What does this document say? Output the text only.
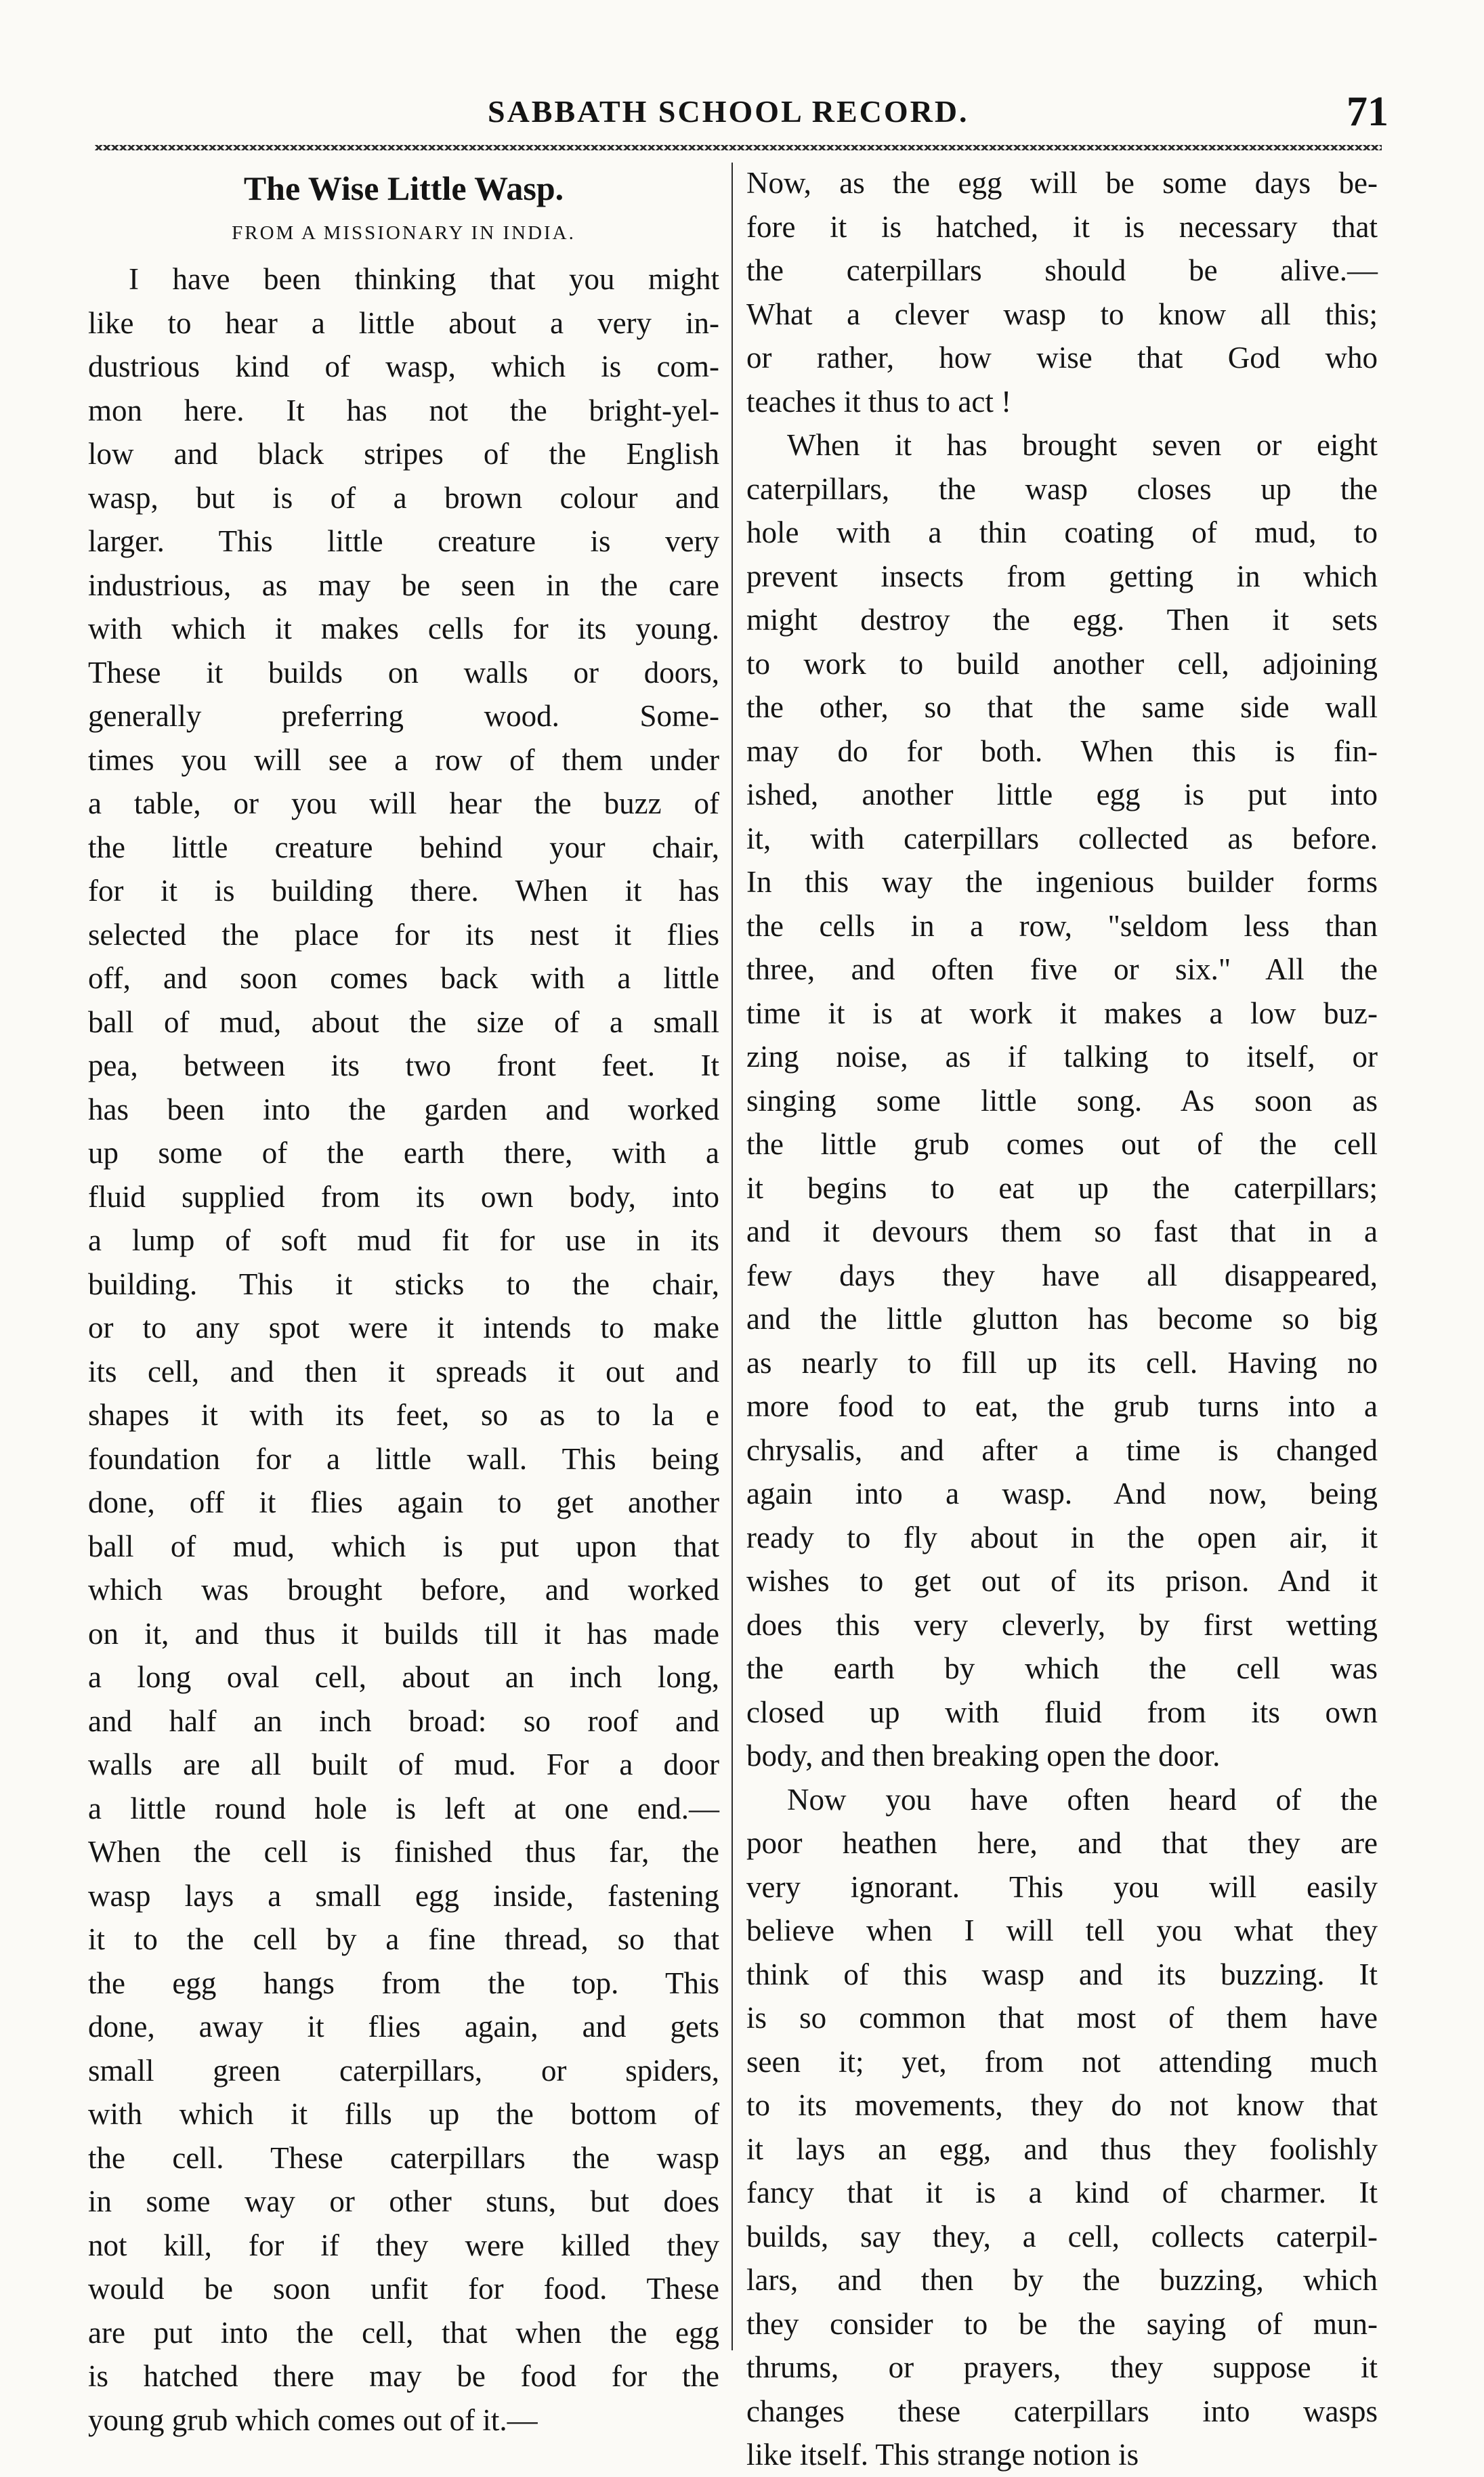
SABBATH SCHOOL RECORD.	71
The Wise Little Wasp.
FROM A MISSIONARY IN INDIA.

I have been thinking that you might
like to hear a little about a very in-
dustrious kind of wasp, which is com-
mon here. It has not the bright-yel-
low and black stripes of the English
wasp, but is of a brown colour and
larger. This little creature is very
industrious, as may be seen in the care
with which it makes cells for its young.
These it builds on walls or doors,
generally preferring wood. Some-
times you will see a row of them under
a table, or you will hear the buzz of
the little creature behind your chair,
for it is building there. When it has
selected the place for its nest it flies
off, and soon comes back with a little
ball of mud, about the size of a small
pea, between its two front feet. It
has been into the garden and worked
up some of the earth there, with a
fluid supplied from its own body, into
a lump of soft mud fit for use in its
building. This it sticks to the chair,
or to any spot were it intends to make
its cell, and then it spreads it out and
shapes it with its feet, so as to la e
foundation for a little wall. This being
done, off it flies again to get another
ball of mud, which is put upon that
which was brought before, and worked
on it, and thus it builds till it has made
a long oval cell, about an inch long,
and half an inch broad: so roof and
walls are all built of mud. For a door
a little round hole is left at one end.—
When the cell is finished thus far, the
wasp lays a small egg inside, fastening
it to the cell by a fine thread, so that
the egg hangs from the top. This
done, away it flies again, and gets
small green caterpillars, or spiders,
with which it fills up the bottom of
the cell. These caterpillars the wasp
in some way or other stuns, but does
not kill, for if they were killed they
would be soon unfit for food. These
are put into the cell, that when the egg
is hatched there may be food for the
young grub which comes out of it.—

Now, as the egg will be some days be-
fore it is hatched, it is necessary that
the caterpillars should be alive.—
What a clever wasp to know all this;
or rather, how wise that God who
teaches it thus to act !

When it has brought seven or eight
caterpillars, the wasp closes up the
hole with a thin coating of mud, to
prevent insects from getting in which
might destroy the egg. Then it sets
to work to build another cell, adjoining
the other, so that the same side wall
may do for both. When this is fin-
ished, another little egg is put into
it, with caterpillars collected as before.
In this way the ingenious builder forms
the cells in a row, "seldom less than
three, and often five or six." All the
time it is at work it makes a low buz-
zing noise, as if talking to itself, or
singing some little song. As soon as
the little grub comes out of the cell
it begins to eat up the caterpillars;
and it devours them so fast that in a
few days they have all disappeared,
and the little glutton has become so big
as nearly to fill up its cell. Having no
more food to eat, the grub turns into a
chrysalis, and after a time is changed
again into a wasp. And now, being
ready to fly about in the open air, it
wishes to get out of its prison. And it
does this very cleverly, by first wetting
the earth by which the cell was
closed up with fluid from its own
body, and then breaking open the door.

Now you have often heard of the
poor heathen here, and that they are
very ignorant. This you will easily
believe when I will tell you what they
think of this wasp and its buzzing. It
is so common that most of them have
seen it; yet, from not attending much
to its movements, they do not know that
it lays an egg, and thus they foolishly
fancy that it is a kind of charmer. It
builds, say they, a cell, collects caterpil-
lars, and then by the buzzing, which
they consider to be the saying of mun-
thrums, or prayers, they suppose it
changes these caterpillars into wasps
like itself. This strange notion is
